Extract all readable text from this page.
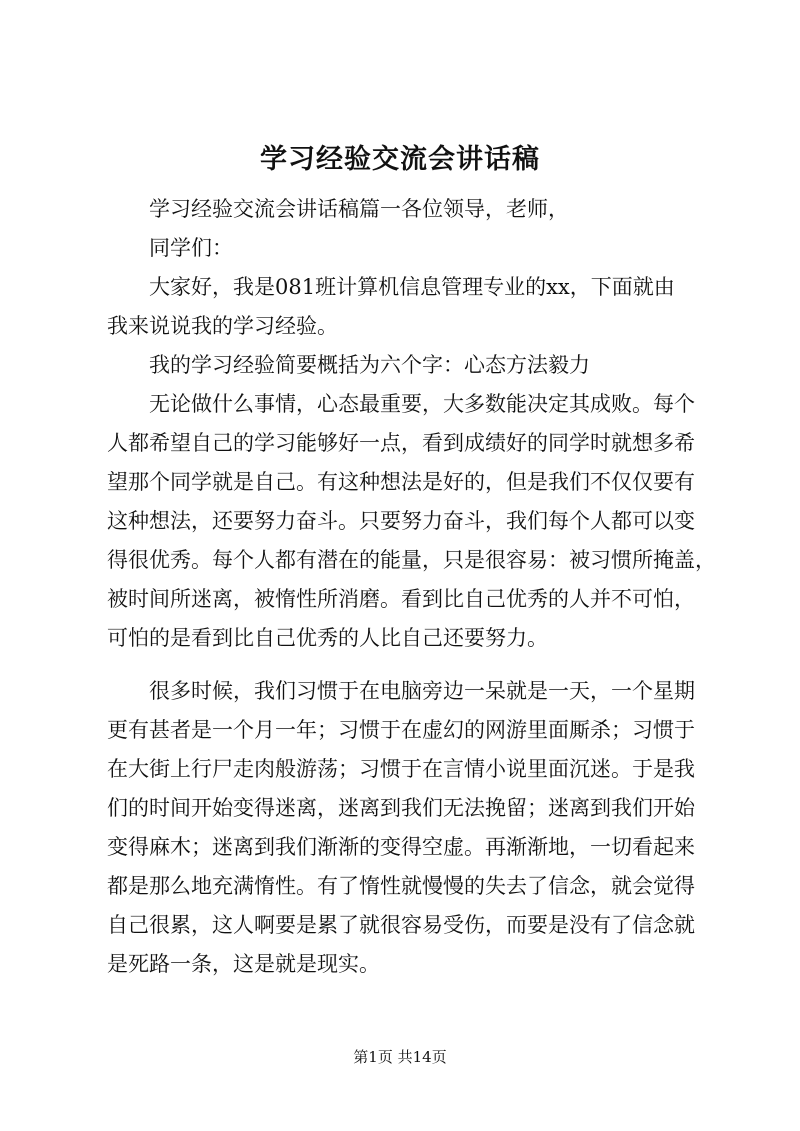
学习经验交流会讲话稿

学习经验交流会讲话稿篇一各位领导，老师，

同学们：

大家好，我是081班计算机信息管理专业的xx，下面就由

我来说说我的学习经验。

我的学习经验简要概括为六个字：心态方法毅力

无论做什么事情，心态最重要，大多数能决定其成败。每个

人都希望自己的学习能够好一点，看到成绩好的同学时就想多希

望那个同学就是自己。有这种想法是好的，但是我们不仅仅要有

这种想法，还要努力奋斗。只要努力奋斗，我们每个人都可以变

得很优秀。每个人都有潜在的能量，只是很容易：被习惯所掩盖，

被时间所迷离，被惰性所消磨。看到比自己优秀的人并不可怕，

可怕的是看到比自己优秀的人比自己还要努力。

很多时候，我们习惯于在电脑旁边一呆就是一天，一个星期

更有甚者是一个月一年；习惯于在虚幻的网游里面厮杀；习惯于

在大街上行尸走肉般游荡；习惯于在言情小说里面沉迷。于是我

们的时间开始变得迷离，迷离到我们无法挽留；迷离到我们开始

变得麻木；迷离到我们渐渐的变得空虚。再渐渐地，一切看起来

都是那么地充满惰性。有了惰性就慢慢的失去了信念，就会觉得

自己很累，这人啊要是累了就很容易受伤，而要是没有了信念就

是死路一条，这是就是现实。

第1页 共14页
